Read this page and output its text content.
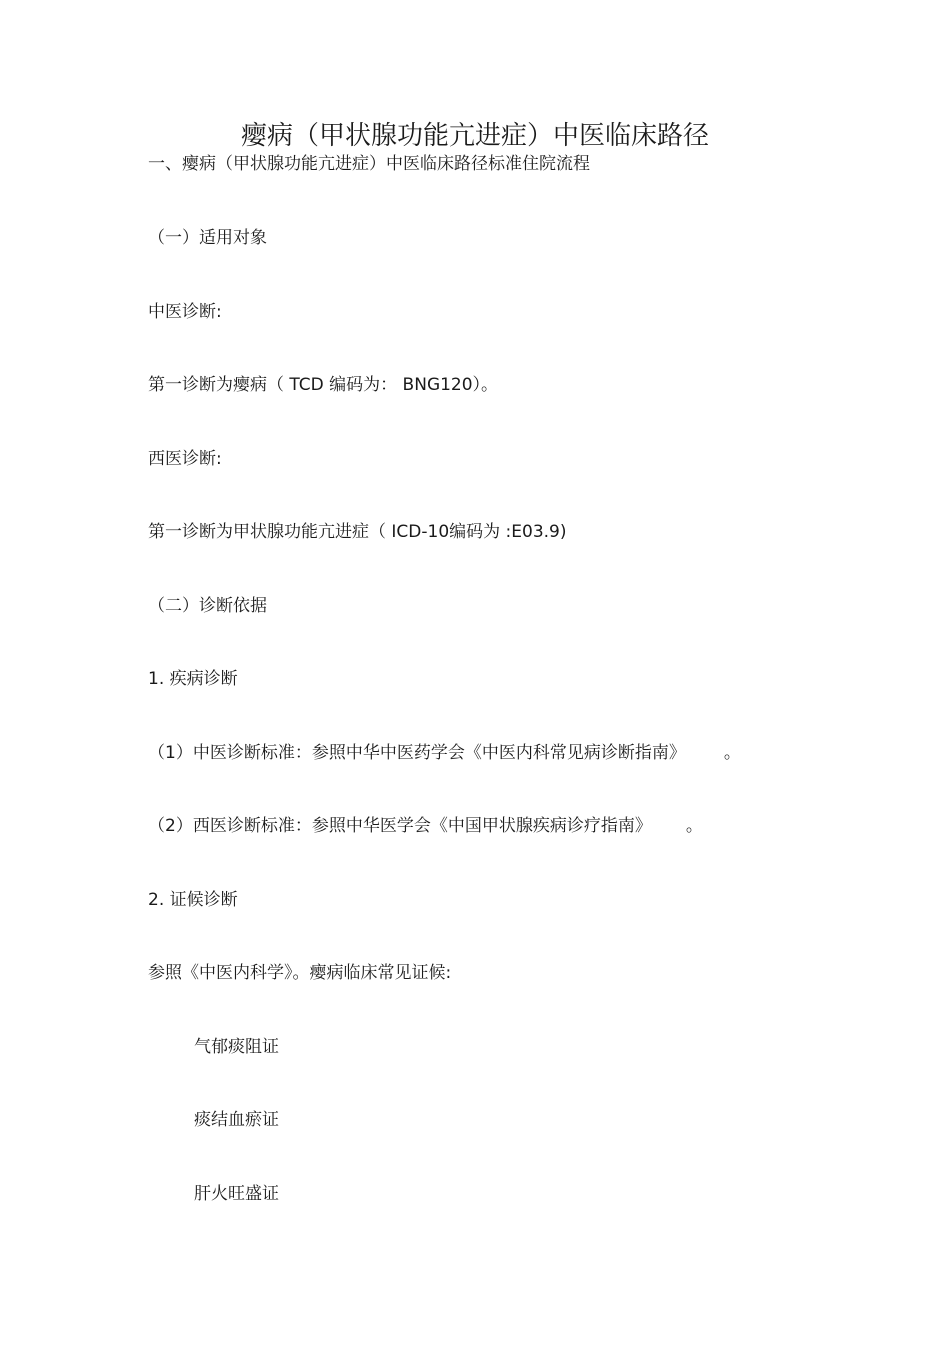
瘿病（甲状腺功能亢进症）中医临床路径
一、瘿病（甲状腺功能亢进症）中医临床路径标准住院流程
（一）适用对象
中医诊断:
第一诊断为瘿病（ TCD 编码为： BNG120）。
西医诊断:
第一诊断为甲状腺功能亢进症（ ICD-10编码为 :E03.9)
（二）诊断依据
1. 疾病诊断
（1）中医诊断标准：参照中华中医药学会《中医内科常见病诊断指南》 。
（2）西医诊断标准：参照中华医学会《中国甲状腺疾病诊疗指南》 。
2. 证候诊断
参照《中医内科学》。瘿病临床常见证候:
气郁痰阻证
痰结血瘀证
肝火旺盛证
